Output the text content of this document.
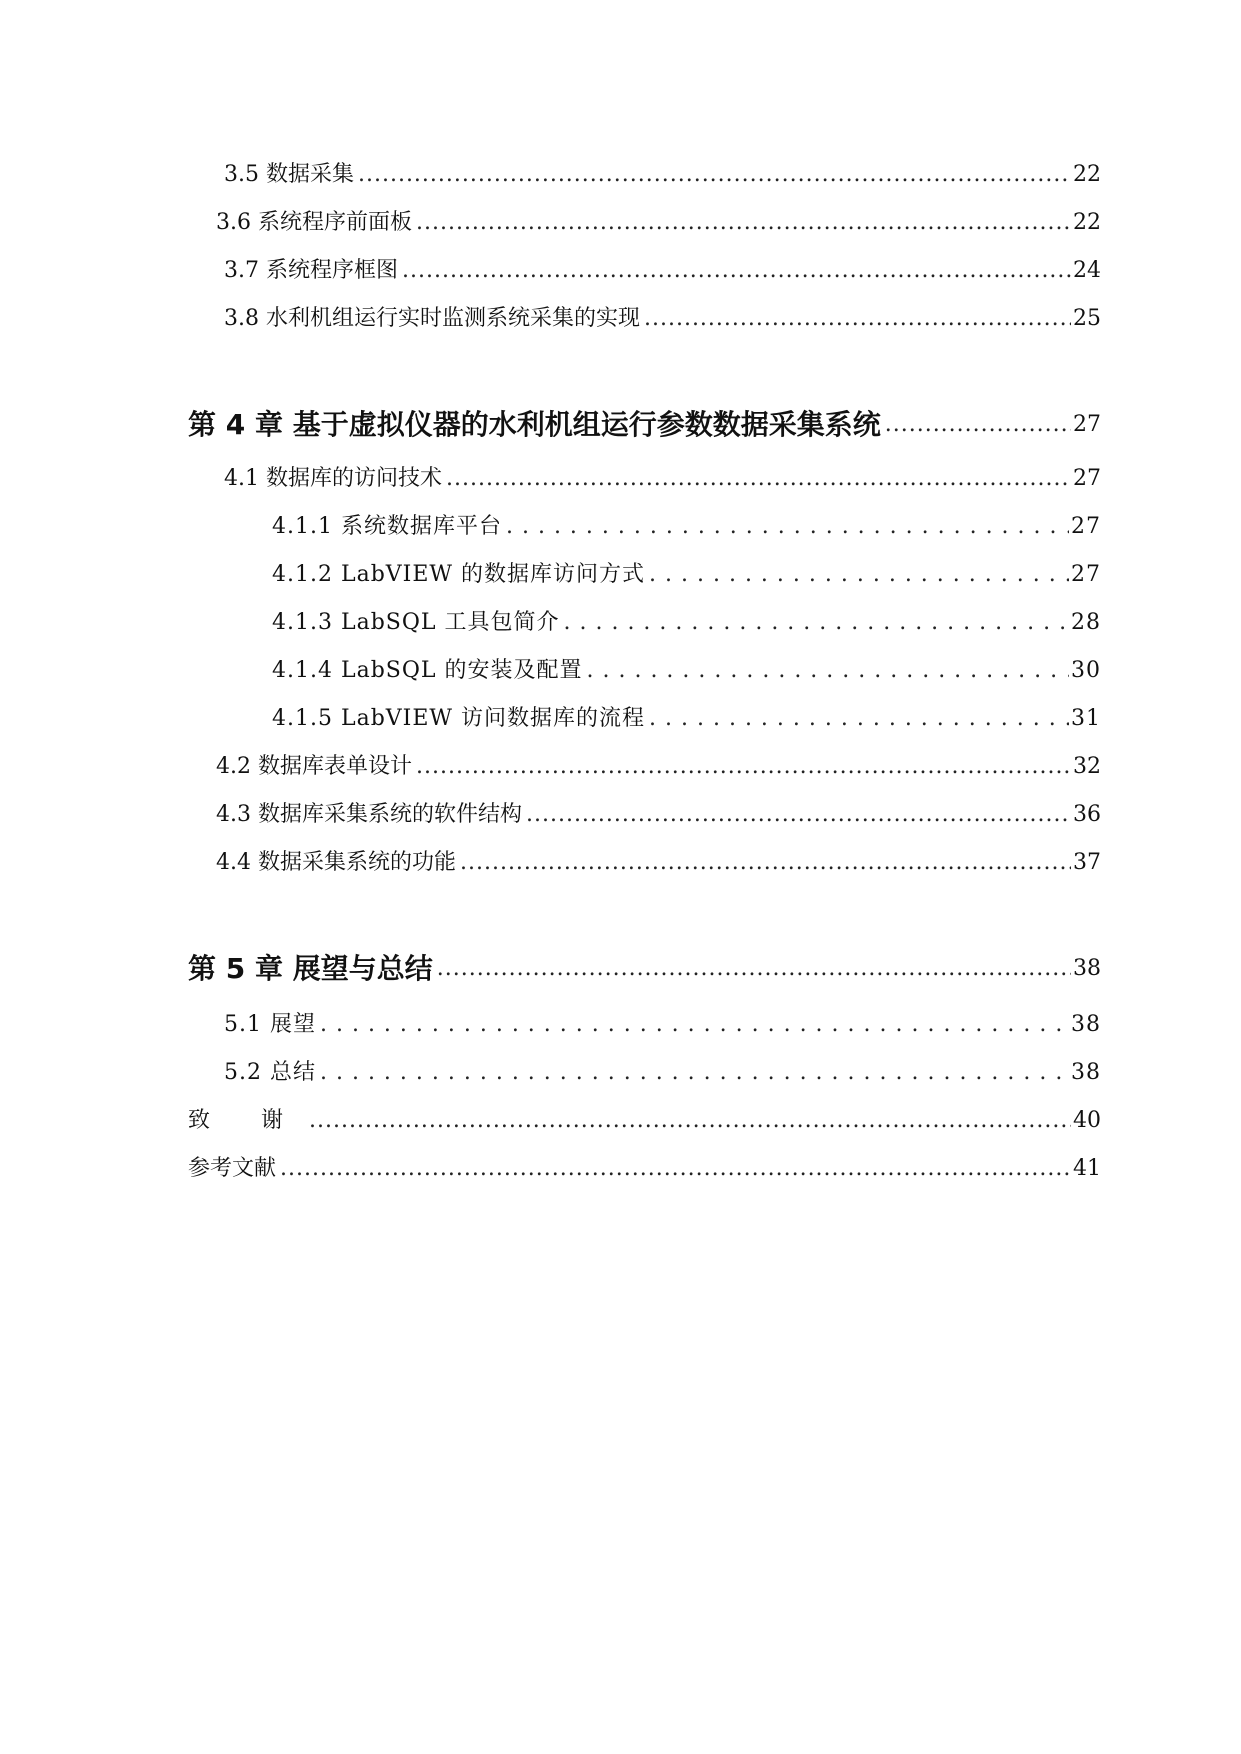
3.5 数据采集 .....	22
3.6 系统程序前面板 .....	22
3.7 系统程序框图 .....	24
3.8 水利机组运行实时监测系统采集的实现 .....	25
第 4 章 基于虚拟仪器的水利机组运行参数数据采集系统 .....	27
4.1 数据库的访问技术 .....	27
4.1.1 系统数据库平台 . . .	27
4.1.2 LabVIEW 的数据库访问方式 . . .	27
4.1.3 LabSQL 工具包简介 . . .	28
4.1.4 LabSQL 的安装及配置 . . .	30
4.1.5 LabVIEW 访问数据库的流程 . . .	31
4.2 数据库表单设计 .....	32
4.3 数据库采集系统的软件结构 .....	36
4.4 数据采集系统的功能 .....	37
第 5 章 展望与总结 .....	38
5.1 展望 . . .	38
5.2 总结 . . .	38
致 谢 .....	40
参考文献 .....	41
